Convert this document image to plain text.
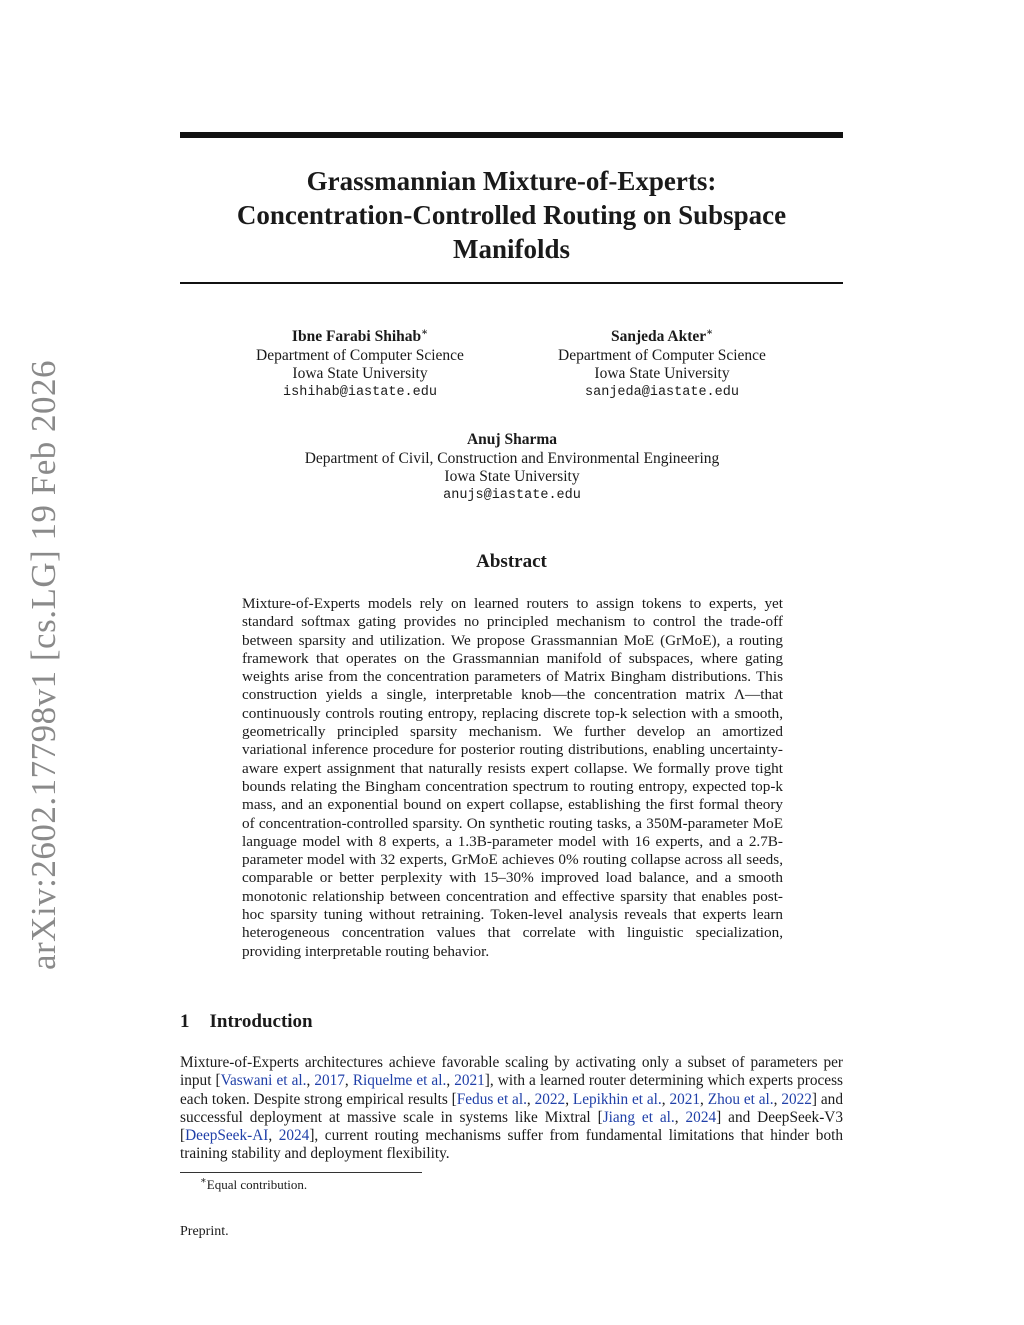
arXiv:2602.17798v1 [cs.LG] 19 Feb 2026
Grassmannian Mixture-of-Experts:
Concentration-Controlled Routing on Subspace
Manifolds
Ibne Farabi Shihab∗
Department of Computer Science
Iowa State University
ishihab@iastate.edu
Sanjeda Akter∗
Department of Computer Science
Iowa State University
sanjeda@iastate.edu
Anuj Sharma
Department of Civil, Construction and Environmental Engineering
Iowa State University
anujs@iastate.edu
Abstract

Mixture-of-Experts models rely on learned routers to assign tokens to experts, yet standard softmax gating provides no principled mechanism to control the trade-off between sparsity and utilization. We propose Grassmannian MoE (GrMoE), a routing framework that operates on the Grassmannian manifold of subspaces, where gating weights arise from the concentration parameters of Matrix Bingham distributions. This construction yields a single, interpretable knob—the concentration matrix Λ—that continuously controls routing entropy, replacing discrete top-k selection with a smooth, geometrically principled sparsity mechanism. We further develop an amortized variational inference procedure for posterior routing distributions, enabling uncertainty-aware expert assignment that naturally resists expert collapse. We formally prove tight bounds relating the Bingham concentration spectrum to routing entropy, expected top-k mass, and an exponential bound on expert collapse, establishing the first formal theory of concentration-controlled sparsity. On synthetic routing tasks, a 350M-parameter MoE language model with 8 experts, a 1.3B-parameter model with 16 experts, and a 2.7B-parameter model with 32 experts, GrMoE achieves 0% routing collapse across all seeds, comparable or better perplexity with 15–30% improved load balance, and a smooth monotonic relationship between concentration and effective sparsity that enables post-hoc sparsity tuning without retraining. Token-level analysis reveals that experts learn heterogeneous concentration values that correlate with linguistic specialization, providing interpretable routing behavior.

1 Introduction

Mixture-of-Experts architectures achieve favorable scaling by activating only a subset of parameters per input [Vaswani et al., 2017, Riquelme et al., 2021], with a learned router determining which experts process each token. Despite strong empirical results [Fedus et al., 2022, Lepikhin et al., 2021, Zhou et al., 2022] and successful deployment at massive scale in systems like Mixtral [Jiang et al., 2024] and DeepSeek-V3 [DeepSeek-AI, 2024], current routing mechanisms suffer from fundamental limitations that hinder both training stability and deployment flexibility.

∗Equal contribution.

Preprint.
